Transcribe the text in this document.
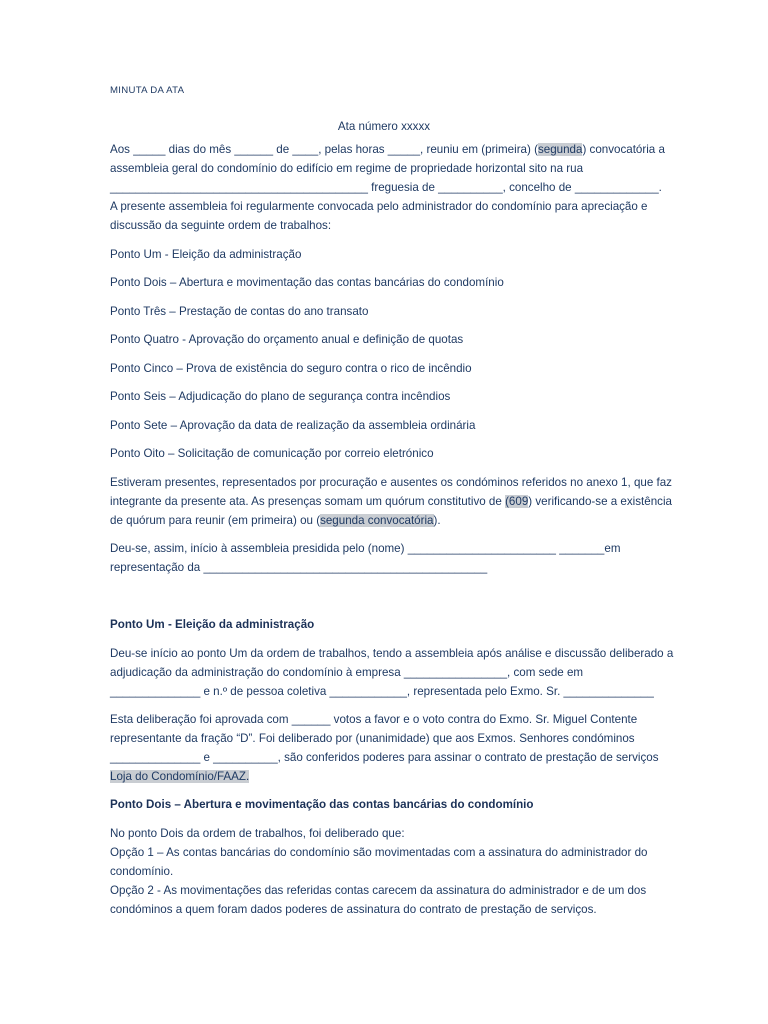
MINUTA DA ATA
Ata número xxxxx
Aos _____ dias do mês ______ de ____, pelas horas _____, reuniu em (primeira) (segunda) convocatória a
assembleia geral do condomínio do edifício em regime de propriedade horizontal sito na rua
________________________________________ freguesia de __________, concelho de _____________.
A presente assembleia foi regularmente convocada pelo administrador do condomínio para apreciação e
discussão da seguinte ordem de trabalhos:
Ponto Um - Eleição da administração
Ponto Dois – Abertura e movimentação das contas bancárias do condomínio
Ponto Três – Prestação de contas do ano transato
Ponto Quatro - Aprovação do orçamento anual e definição de quotas
Ponto Cinco – Prova de existência do seguro contra o rico de incêndio
Ponto Seis – Adjudicação do plano de segurança contra incêndios
Ponto Sete – Aprovação da data de realização da assembleia ordinária
Ponto Oito – Solicitação de comunicação por correio eletrónico
Estiveram presentes, representados por procuração e ausentes os condóminos referidos no anexo 1, que faz
integrante da presente ata. As presenças somam um quórum constitutivo de (609) verificando-se a existência
de quórum para reunir (em primeira) ou (segunda convocatória).
Deu-se, assim, início à assembleia presidida pelo (nome) _______________________ _______em
representação da ____________________________________________
Ponto Um - Eleição da administração
Deu-se início ao ponto Um da ordem de trabalhos, tendo a assembleia após análise e discussão deliberado a
adjudicação da administração do condomínio à empresa ________________, com sede em
______________ e n.º de pessoa coletiva ____________, representada pelo Exmo. Sr. ______________
Esta deliberação foi aprovada com ______ votos a favor e o voto contra do Exmo. Sr. Miguel Contente
representante da fração “D”. Foi deliberado por (unanimidade) que aos Exmos. Senhores condóminos
______________ e __________, são conferidos poderes para assinar o contrato de prestação de serviços
Loja do Condomínio/FAAZ.
Ponto Dois – Abertura e movimentação das contas bancárias do condomínio
No ponto Dois da ordem de trabalhos, foi deliberado que:
Opção 1 – As contas bancárias do condomínio são movimentadas com a assinatura do administrador do
condomínio.
Opção 2 - As movimentações das referidas contas carecem da assinatura do administrador e de um dos
condóminos a quem foram dados poderes de assinatura do contrato de prestação de serviços.
